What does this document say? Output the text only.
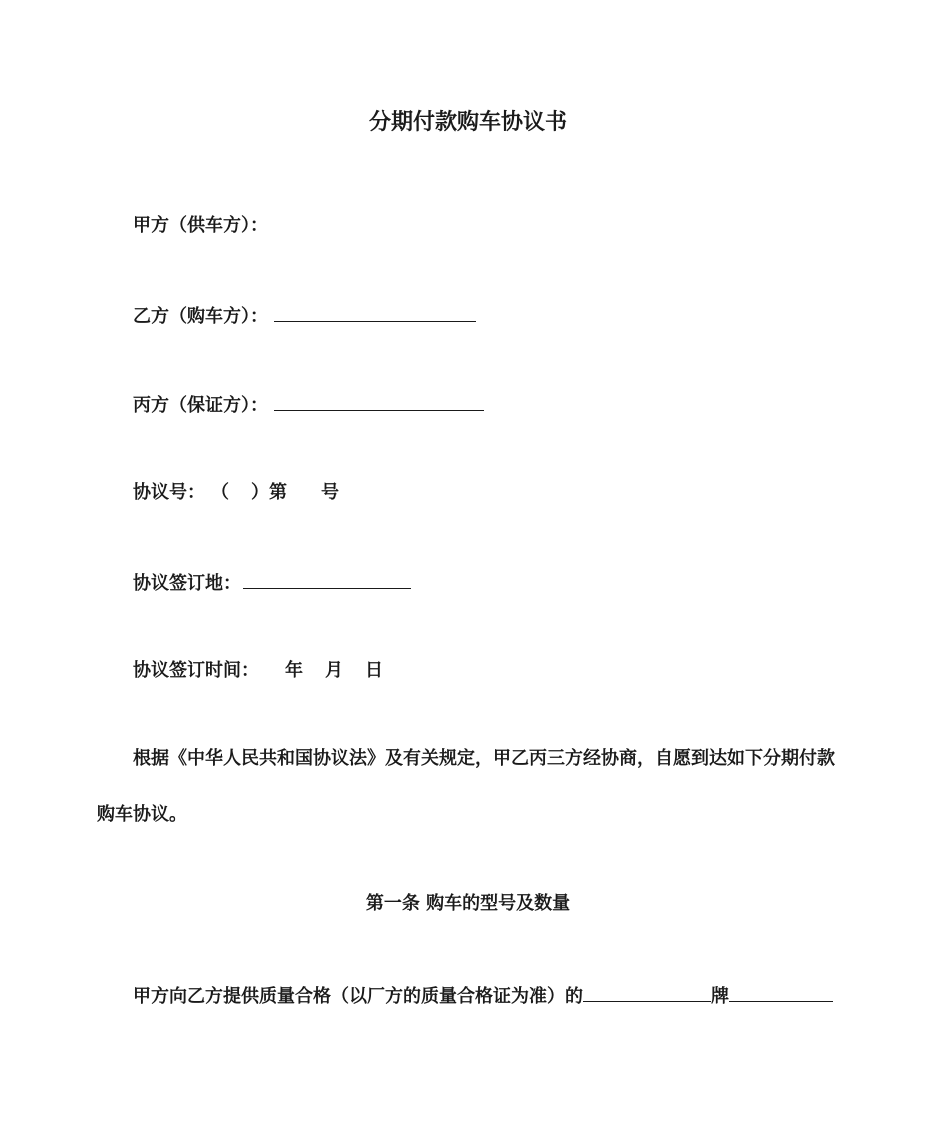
分期付款购车协议书
甲方（供车方）：
乙方（购车方）：
丙方（保证方）：
协议号： （ ）第 号
协议签订地：
协议签订时间： 年 月 日
根据《中华人民共和国协议法》及有关规定，甲乙丙三方经协商，自愿到达如下分期付款
购车协议。
第一条 购车的型号及数量
甲方向乙方提供质量合格（以厂方的质量合格证为准）的	牌
